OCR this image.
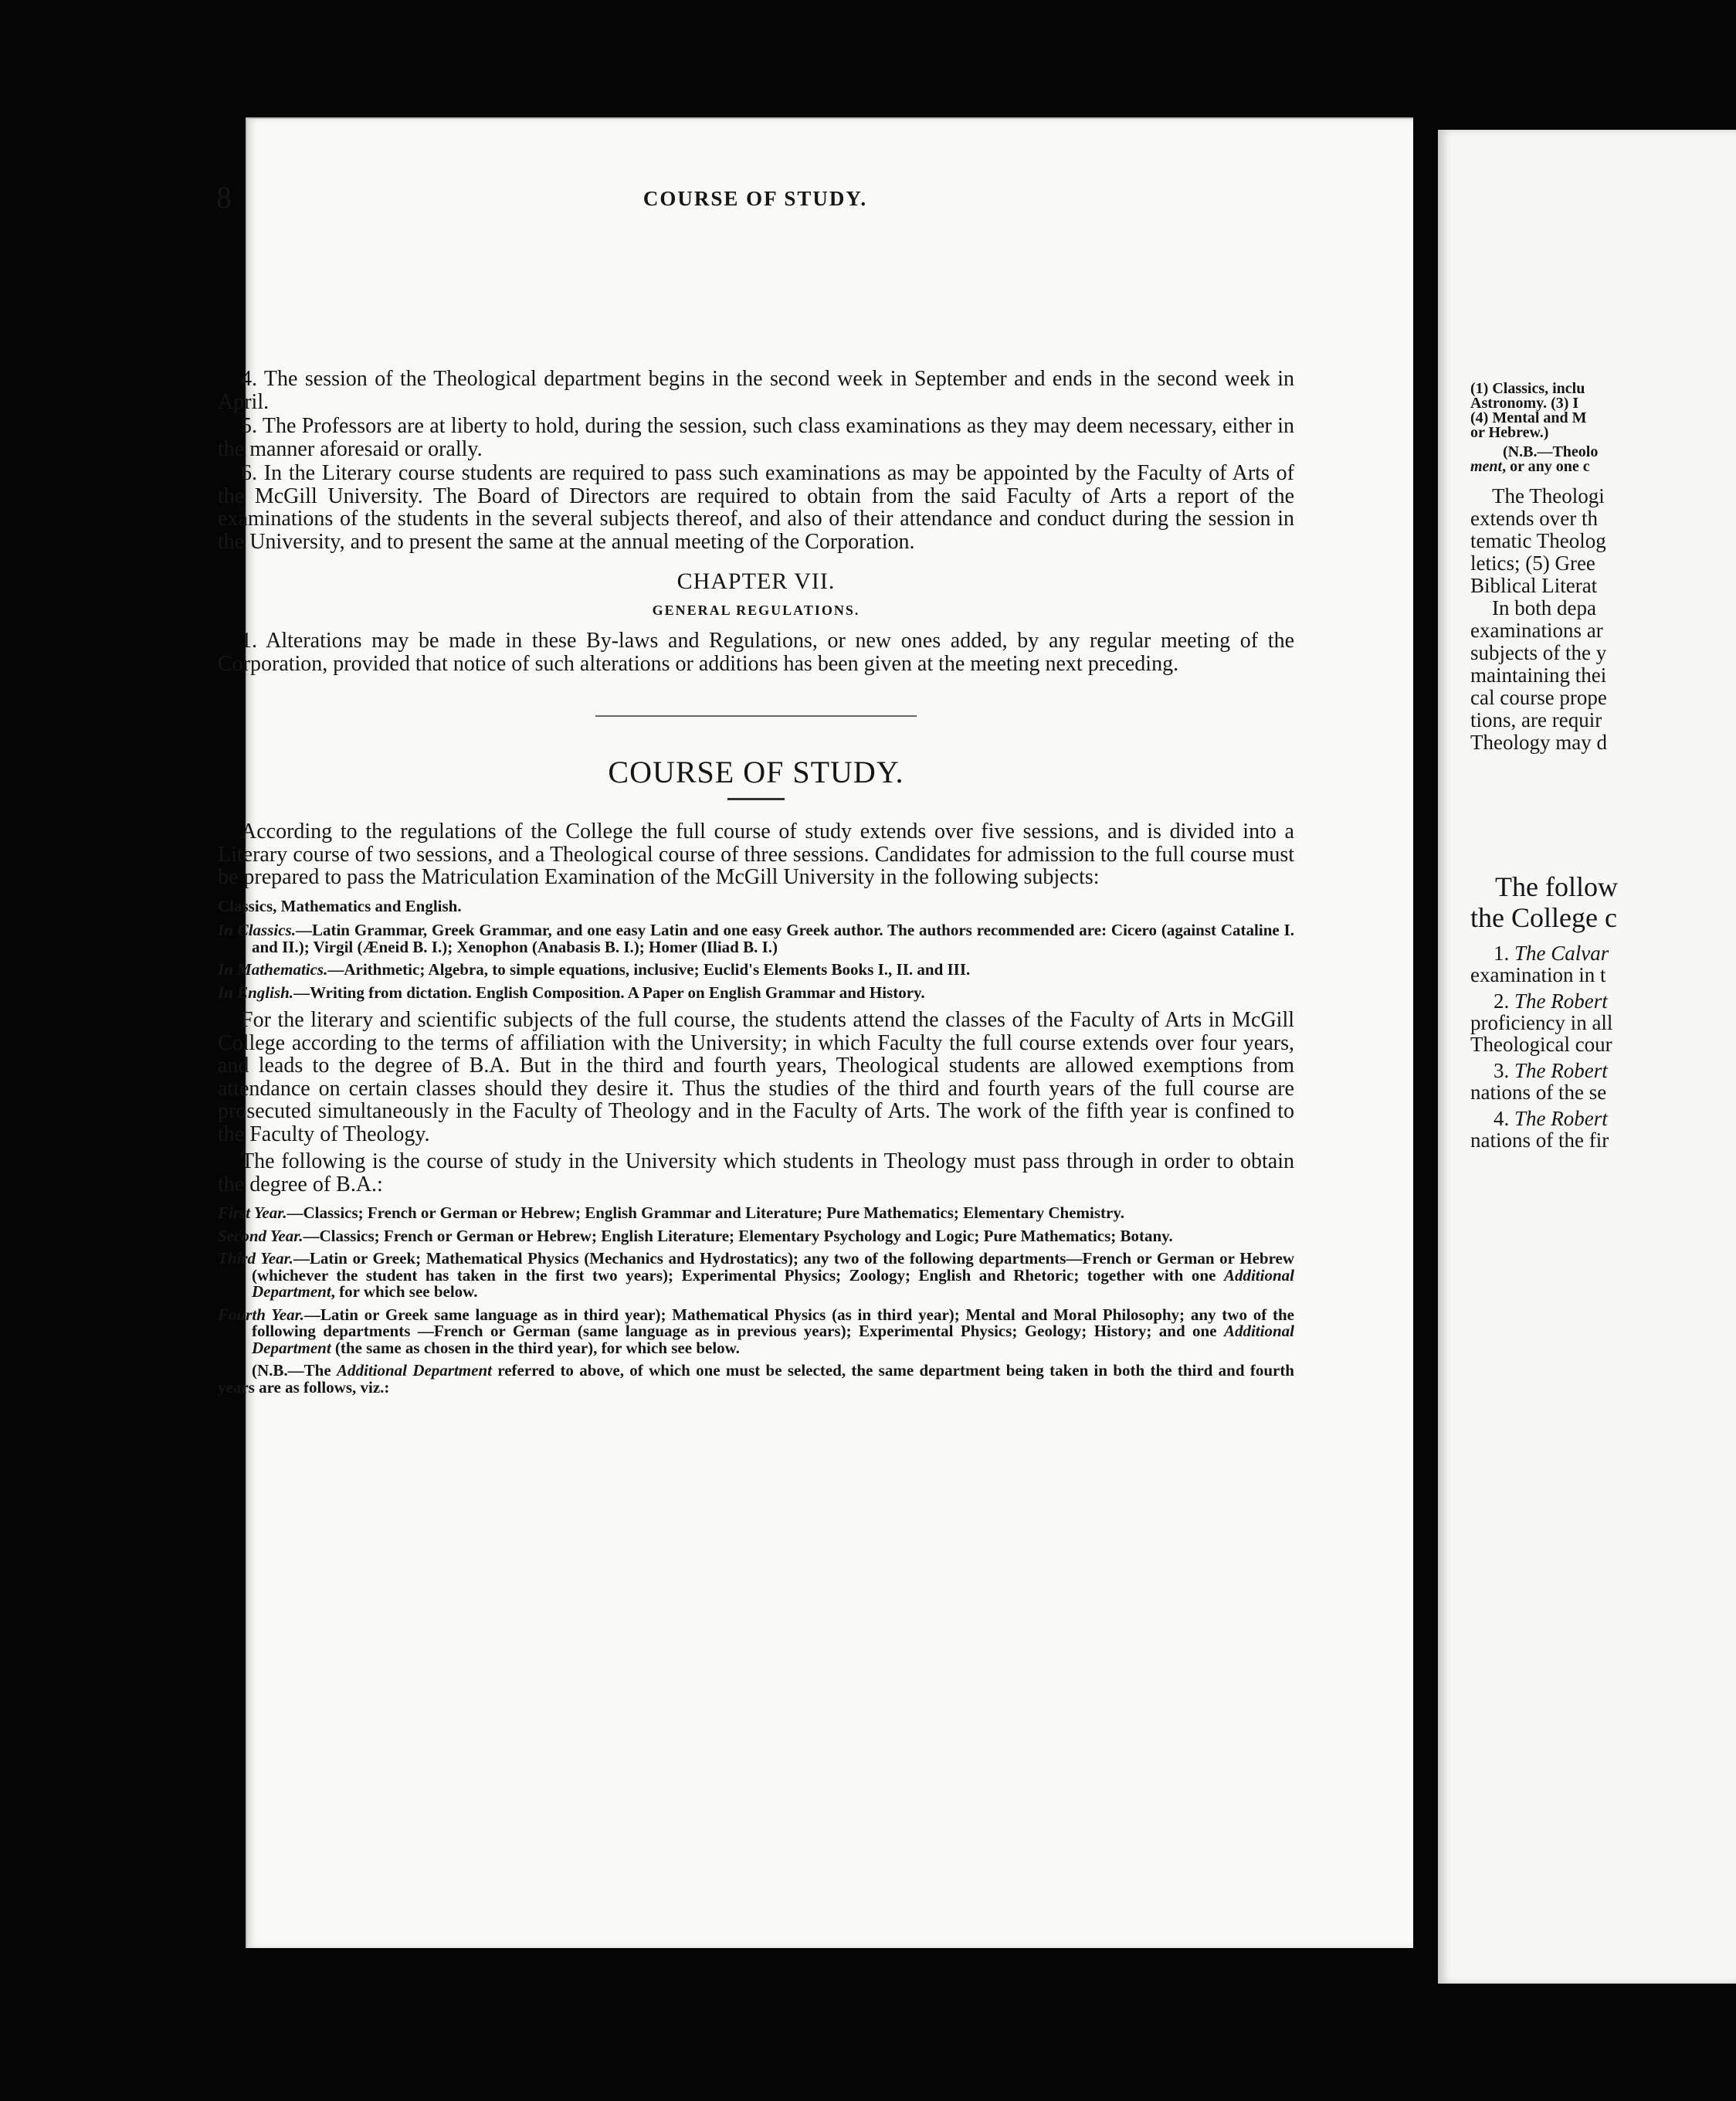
8	COURSE OF STUDY.

4. The session of the Theological department begins in the second week in September and ends in the second week in April.

5. The Professors are at liberty to hold, during the session, such class examinations as they may deem necessary, either in the manner aforesaid or orally.

6. In the Literary course students are required to pass such examinations as may be appointed by the Faculty of Arts of the McGill University. The Board of Directors are required to obtain from the said Faculty of Arts a report of the examinations of the students in the several subjects thereof, and also of their attendance and conduct during the session in the University, and to present the same at the annual meeting of the Corporation.

CHAPTER VII.
GENERAL REGULATIONS.

1. Alterations may be made in these By-laws and Regulations, or new ones added, by any regular meeting of the Corporation, provided that notice of such alterations or additions has been given at the meeting next preceding.

COURSE OF STUDY.

According to the regulations of the College the full course of study extends over five sessions, and is divided into a Literary course of two sessions, and a Theological course of three sessions. Candidates for admission to the full course must be prepared to pass the Matriculation Examination of the McGill University in the following subjects:

Classics, Mathematics and English.

In Classics.—Latin Grammar, Greek Grammar, and one easy Latin and one easy Greek author. The authors recommended are: Cicero (against Cataline I. and II.); Virgil (Æneid B. I.); Xenophon (Anabasis B. I.); Homer (Iliad B. I.)

In Mathematics.—Arithmetic; Algebra, to simple equations, inclusive; Euclid's Elements Books I., II. and III.

In English.—Writing from dictation. English Composition. A Paper on English Grammar and History.

For the literary and scientific subjects of the full course, the students attend the classes of the Faculty of Arts in McGill College according to the terms of affiliation with the University; in which Faculty the full course extends over four years, and leads to the degree of B.A. But in the third and fourth years, Theological students are allowed exemptions from attendance on certain classes should they desire it. Thus the studies of the third and fourth years of the full course are prosecuted simultaneously in the Faculty of Theology and in the Faculty of Arts. The work of the fifth year is confined to the Faculty of Theology.

The following is the course of study in the University which students in Theology must pass through in order to obtain the degree of B.A.:

First Year.—Classics; French or German or Hebrew; English Grammar and Literature; Pure Mathematics; Elementary Chemistry.

Second Year.—Classics; French or German or Hebrew; English Literature; Elementary Psychology and Logic; Pure Mathematics; Botany.

Third Year.—Latin or Greek; Mathematical Physics (Mechanics and Hydrostatics); any two of the following departments—French or German or Hebrew (whichever the student has taken in the first two years); Experimental Physics; Zoology; English and Rhetoric; together with one Additional Department, for which see below.

Fourth Year.—Latin or Greek same language as in third year); Mathematical Physics (as in third year); Mental and Moral Philosophy; any two of the following departments —French or German (same language as in previous years); Experimental Physics; Geology; History; and one Additional Department (the same as chosen in the third year), for which see below.

(N.B.—The Additional Department referred to above, of which one must be selected, the same department being taken in both the third and fourth years are as follows, viz.:

(1) Classics, inclu

Astronomy. (3) I

(4) Mental and M

or Hebrew.)

(N.B.—Theolo

ment, or any one c

The Theologi

extends over th

tematic Theolog

letics; (5) Gree

Biblical Literat

In both depa

examinations ar

subjects of the y

maintaining thei

cal course prope

tions, are requir

Theology may d

The follow

the College c

1. The Calvar

examination in t

2. The Robert

proficiency in all

Theological cour

3. The Robert

nations of the se

4. The Robert

nations of the fir
